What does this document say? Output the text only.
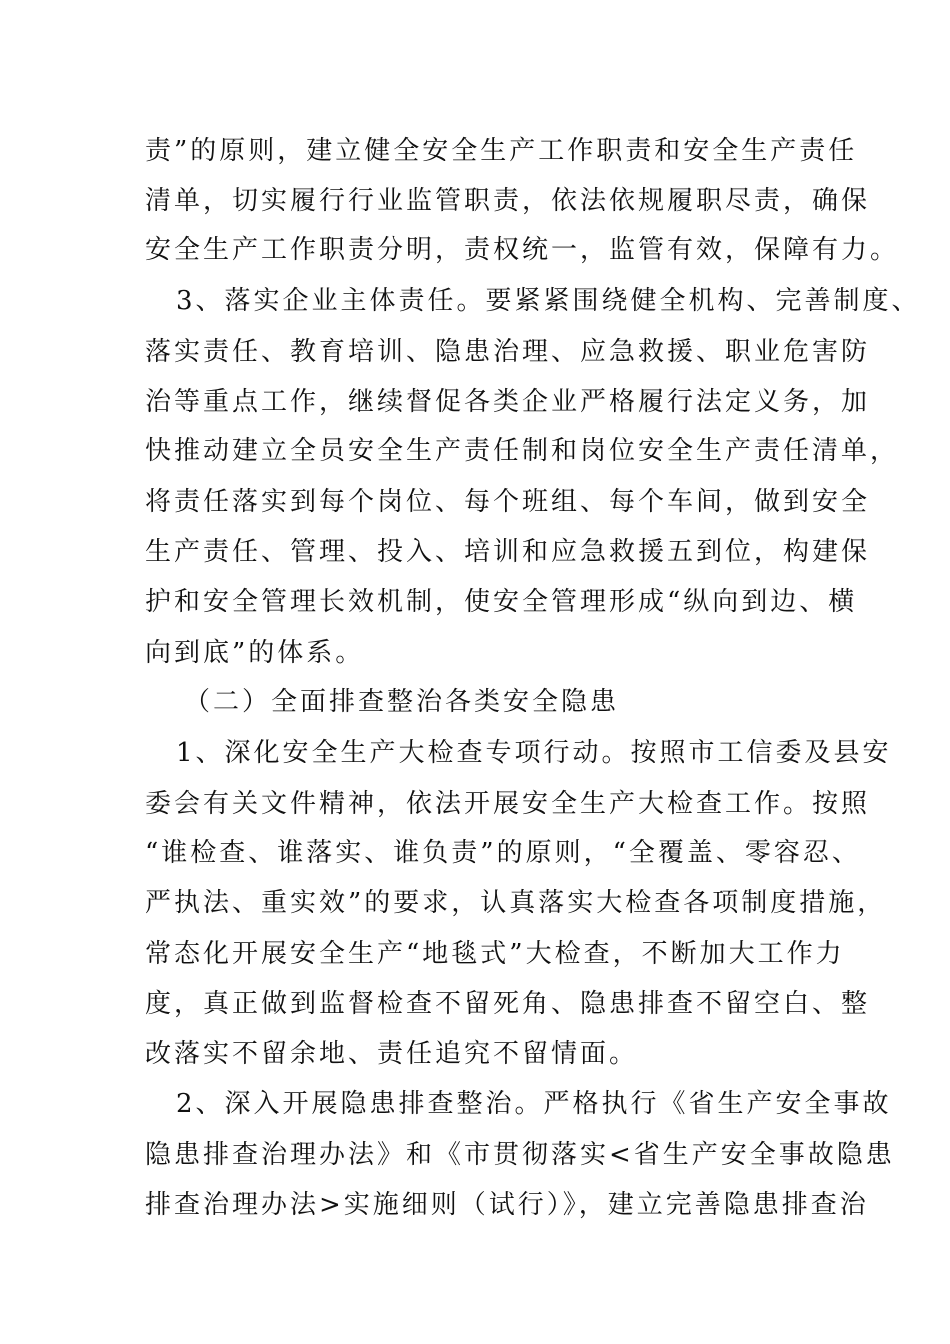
责”的原则，建立健全安全生产工作职责和安全生产责任
清单，切实履行行业监管职责，依法依规履职尽责，确保
安全生产工作职责分明，责权统一，监管有效，保障有力。
3、落实企业主体责任。要紧紧围绕健全机构、完善制度、
落实责任、教育培训、隐患治理、应急救援、职业危害防
治等重点工作，继续督促各类企业严格履行法定义务，加
快推动建立全员安全生产责任制和岗位安全生产责任清单，
将责任落实到每个岗位、每个班组、每个车间，做到安全
生产责任、管理、投入、培训和应急救援五到位，构建保
护和安全管理长效机制，使安全管理形成“纵向到边、横
向到底”的体系。
（二）全面排查整治各类安全隐患
1、深化安全生产大检查专项行动。按照市工信委及县安
委会有关文件精神，依法开展安全生产大检查工作。按照
“谁检查、谁落实、谁负责”的原则，“全覆盖、零容忍、
严执法、重实效”的要求，认真落实大检查各项制度措施，
常态化开展安全生产“地毯式”大检查，不断加大工作力
度，真正做到监督检查不留死角、隐患排查不留空白、整
改落实不留余地、责任追究不留情面。
2、深入开展隐患排查整治。严格执行《省生产安全事故
隐患排查治理办法》和《市贯彻落实<省生产安全事故隐患
排查治理办法>实施细则（试行）》，建立完善隐患排查治
